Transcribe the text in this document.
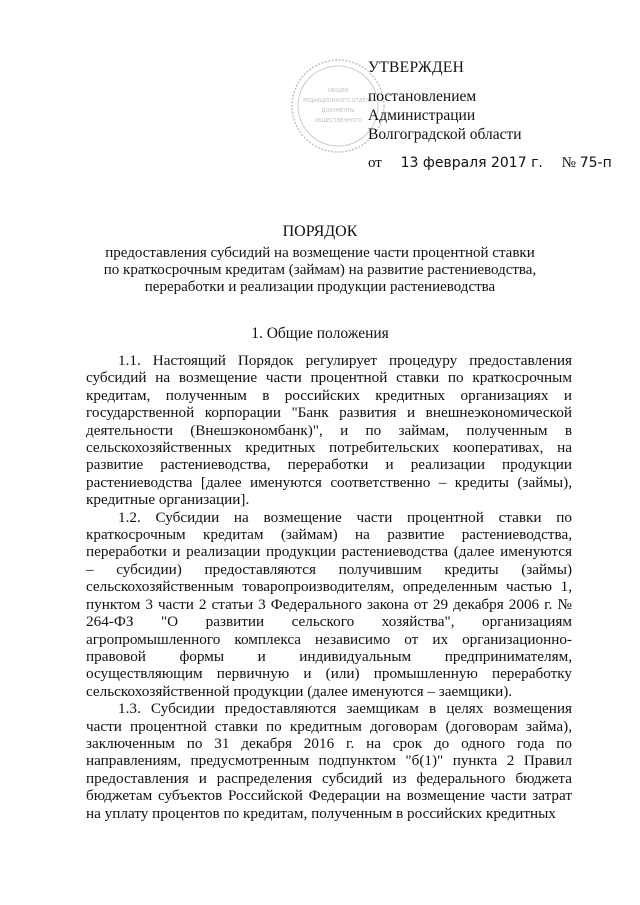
ОБЩИЙ
РЕДАКЦИОННОГО ОТДЕЛА
ДОКУМЕНТЫ
ОБЩЕСТВЕННОГО
УТВЕРЖДЕН
постановлением
Администрации
Волгоградской области
от 13 февраля 2017 г. № 75-п
ПОРЯДОК
предоставления субсидий на возмещение части процентной ставки
по краткосрочным кредитам (займам) на развитие растениеводства,
переработки и реализации продукции растениеводства
1. Общие положения

1.1. Настоящий Порядок регулирует процедуру предоставления субсидий на возмещение части процентной ставки по краткосрочным кредитам, полученным в российских кредитных организациях и государственной корпорации "Банк развития и внешнеэкономической деятельности (Внешэкономбанк)", и по займам, полученным в сельскохозяйственных кредитных потребительских кооперативах, на развитие растениеводства, переработки и реализации продукции растениеводства [далее именуются соответственно – кредиты (займы), кредитные организации].

1.2. Субсидии на возмещение части процентной ставки по краткосрочным кредитам (займам) на развитие растениеводства, переработки и реализации продукции растениеводства (далее именуются – субсидии) предоставляются получившим кредиты (займы) сельскохозяйственным товаропроизводителям, определенным частью 1, пунктом 3 части 2 статьи 3 Федерального закона от 29 декабря 2006 г. № 264-ФЗ "О развитии сельского хозяйства", организациям агропромышленного комплекса независимо от их организационно-правовой формы и индивидуальным предпринимателям, осуществляющим первичную и (или) промышленную переработку сельскохозяйственной продукции (далее именуются – заемщики).

1.3. Субсидии предоставляются заемщикам в целях возмещения части процентной ставки по кредитным договорам (договорам займа), заключенным по 31 декабря 2016 г. на срок до одного года по направлениям, предусмотренным подпунктом "б(1)" пункта 2 Правил предоставления и распределения субсидий из федерального бюджета бюджетам субъектов Российской Федерации на возмещение части затрат на уплату процентов по кредитам, полученным в российских кредитных
